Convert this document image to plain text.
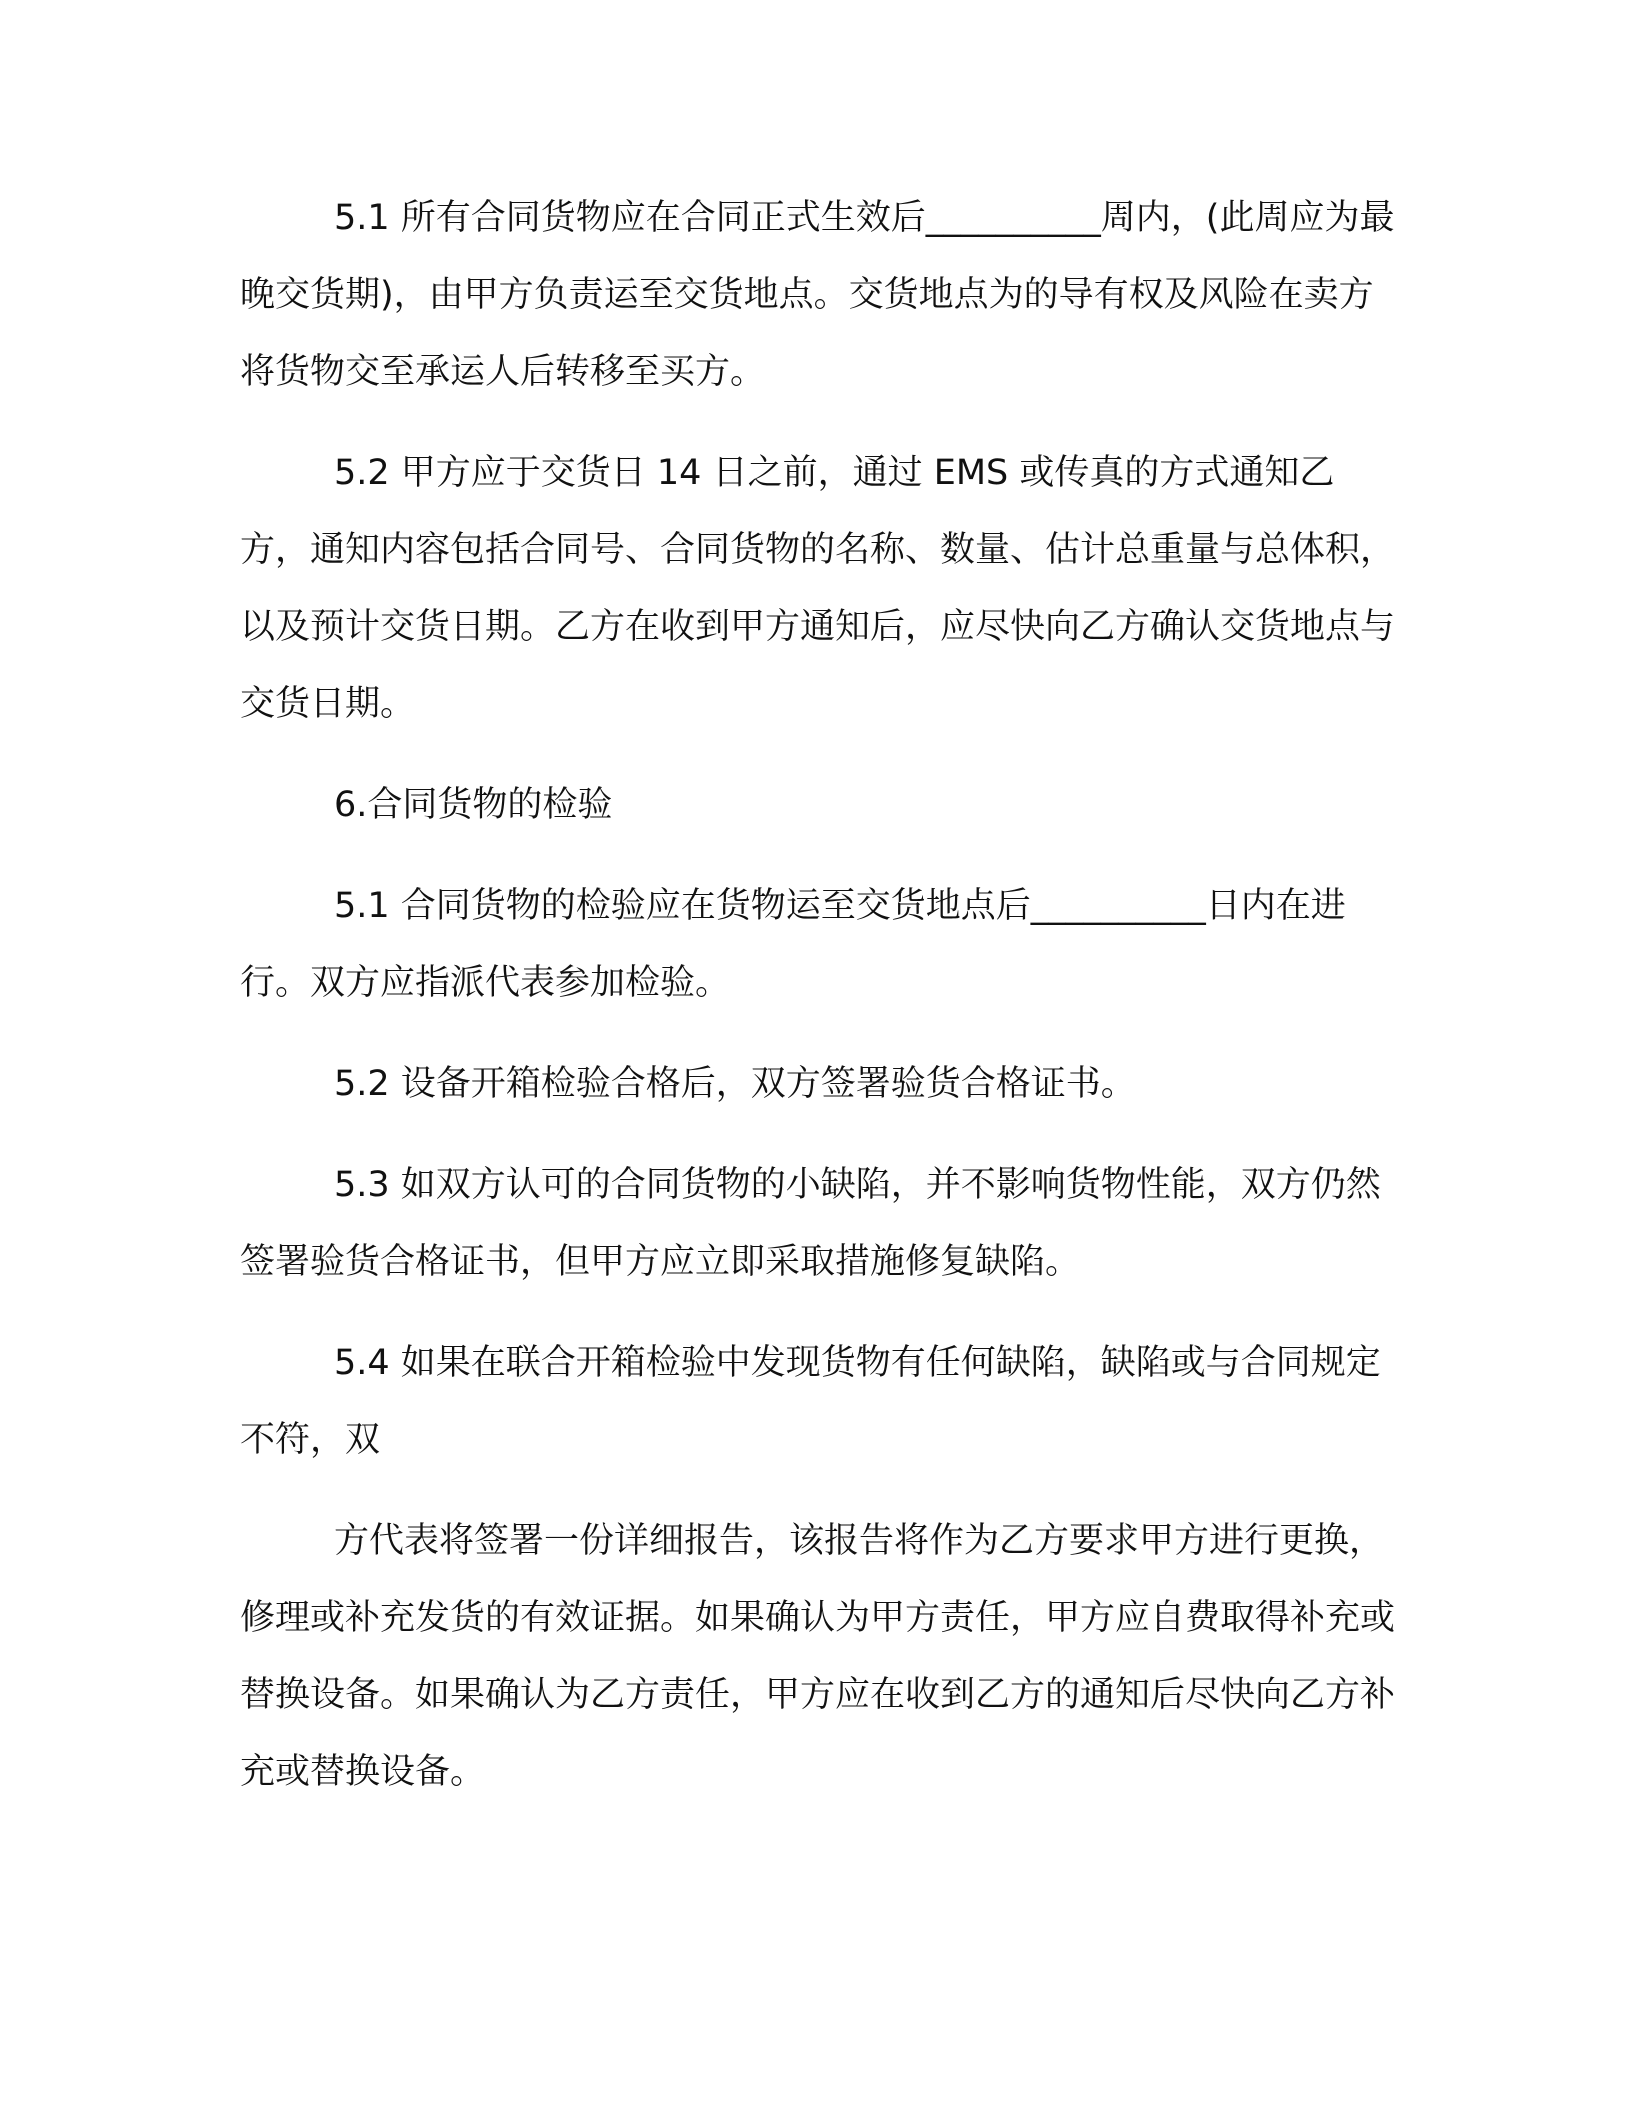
5.1 所有合同货物应在合同正式生效后__________周内，(此周应为最晚交货期)，由甲方负责运至交货地点。交货地点为的导有权及风险在卖方将货物交至承运人后转移至买方。

5.2 甲方应于交货日 14 日之前，通过 EMS 或传真的方式通知乙方，通知内容包括合同号、合同货物的名称、数量、估计总重量与总体积，以及预计交货日期。乙方在收到甲方通知后，应尽快向乙方确认交货地点与交货日期。

6.合同货物的检验

5.1 合同货物的检验应在货物运至交货地点后__________日内在进行。双方应指派代表参加检验。

5.2 设备开箱检验合格后，双方签署验货合格证书。

5.3 如双方认可的合同货物的小缺陷，并不影响货物性能，双方仍然签署验货合格证书，但甲方应立即采取措施修复缺陷。

5.4 如果在联合开箱检验中发现货物有任何缺陷，缺陷或与合同规定不符，双

方代表将签署一份详细报告，该报告将作为乙方要求甲方进行更换，修理或补充发货的有效证据。如果确认为甲方责任，甲方应自费取得补充或替换设备。如果确认为乙方责任，甲方应在收到乙方的通知后尽快向乙方补充或替换设备。
